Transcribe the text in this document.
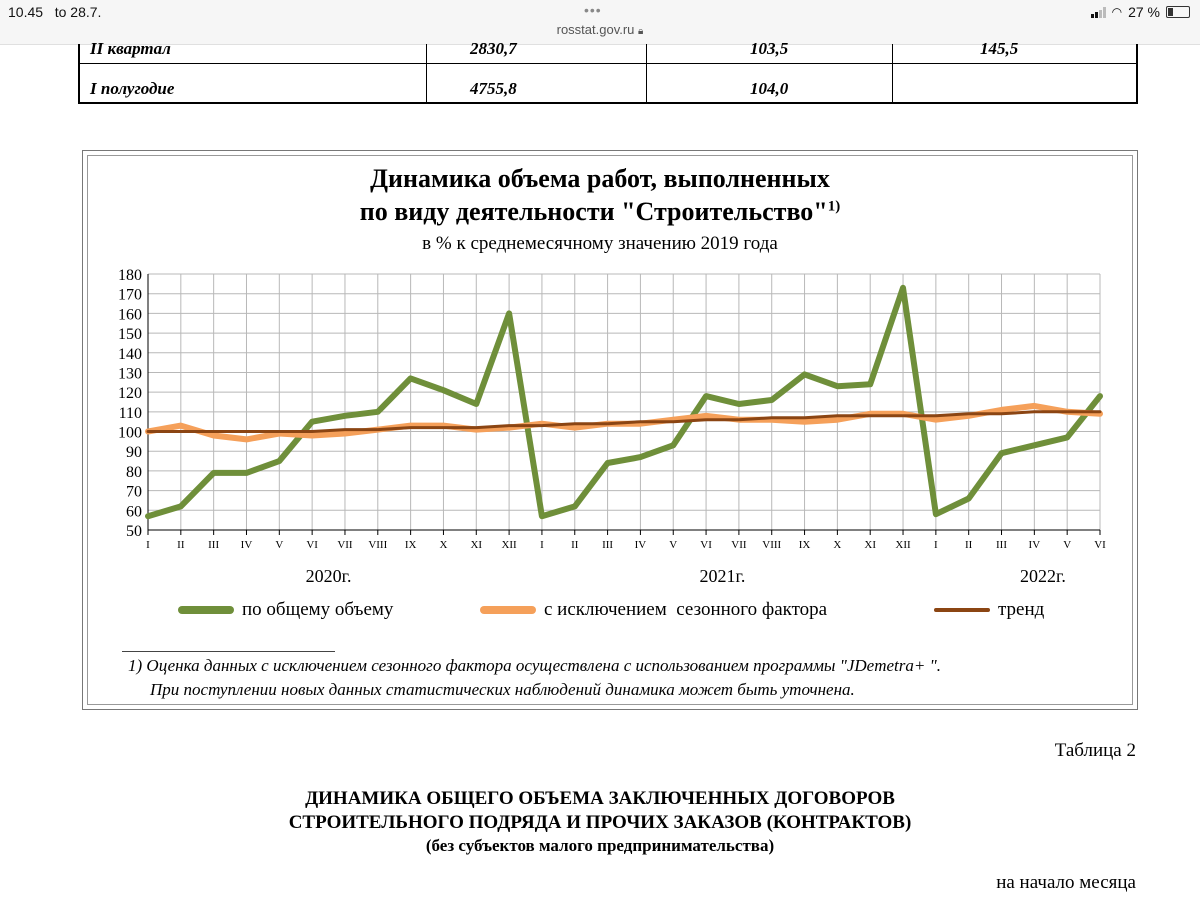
10.45 to 28.7.	•••
rosstat.gov.ru 🔒︎
◠ 27 %
II квартал	2830,7	103,5	145,5
I полугодие	4755,8	104,0
Динамика объема работ, выполненных
по виду деятельности "Строительство"$^{1)}$
в % к среднемесячному значению 2019 года
50
60
70
80
90
100
110
120
130
140
150
160
170
180
I II III IV V VI VII VIII IX X XI XII I II III IV V VI VII VIII IX X XI XII I II III IV V VI
2020г.	2021г.	2022г.
по общему объему	с исключением  сезонного фактора	тренд
1) Оценка данных с исключением сезонного фактора осуществлена с использованием программы "JDemetra+ ".
При поступлении новых данных статистических наблюдений динамика может быть уточнена.
Таблица 2
ДИНАМИКА ОБЩЕГО ОБЪЕМА ЗАКЛЮЧЕННЫХ ДОГОВОРОВ
СТРОИТЕЛЬНОГО ПОДРЯДА И ПРОЧИХ ЗАКАЗОВ (КОНТРАКТОВ)
(без субъектов малого предпринимательства)
на начало месяца
